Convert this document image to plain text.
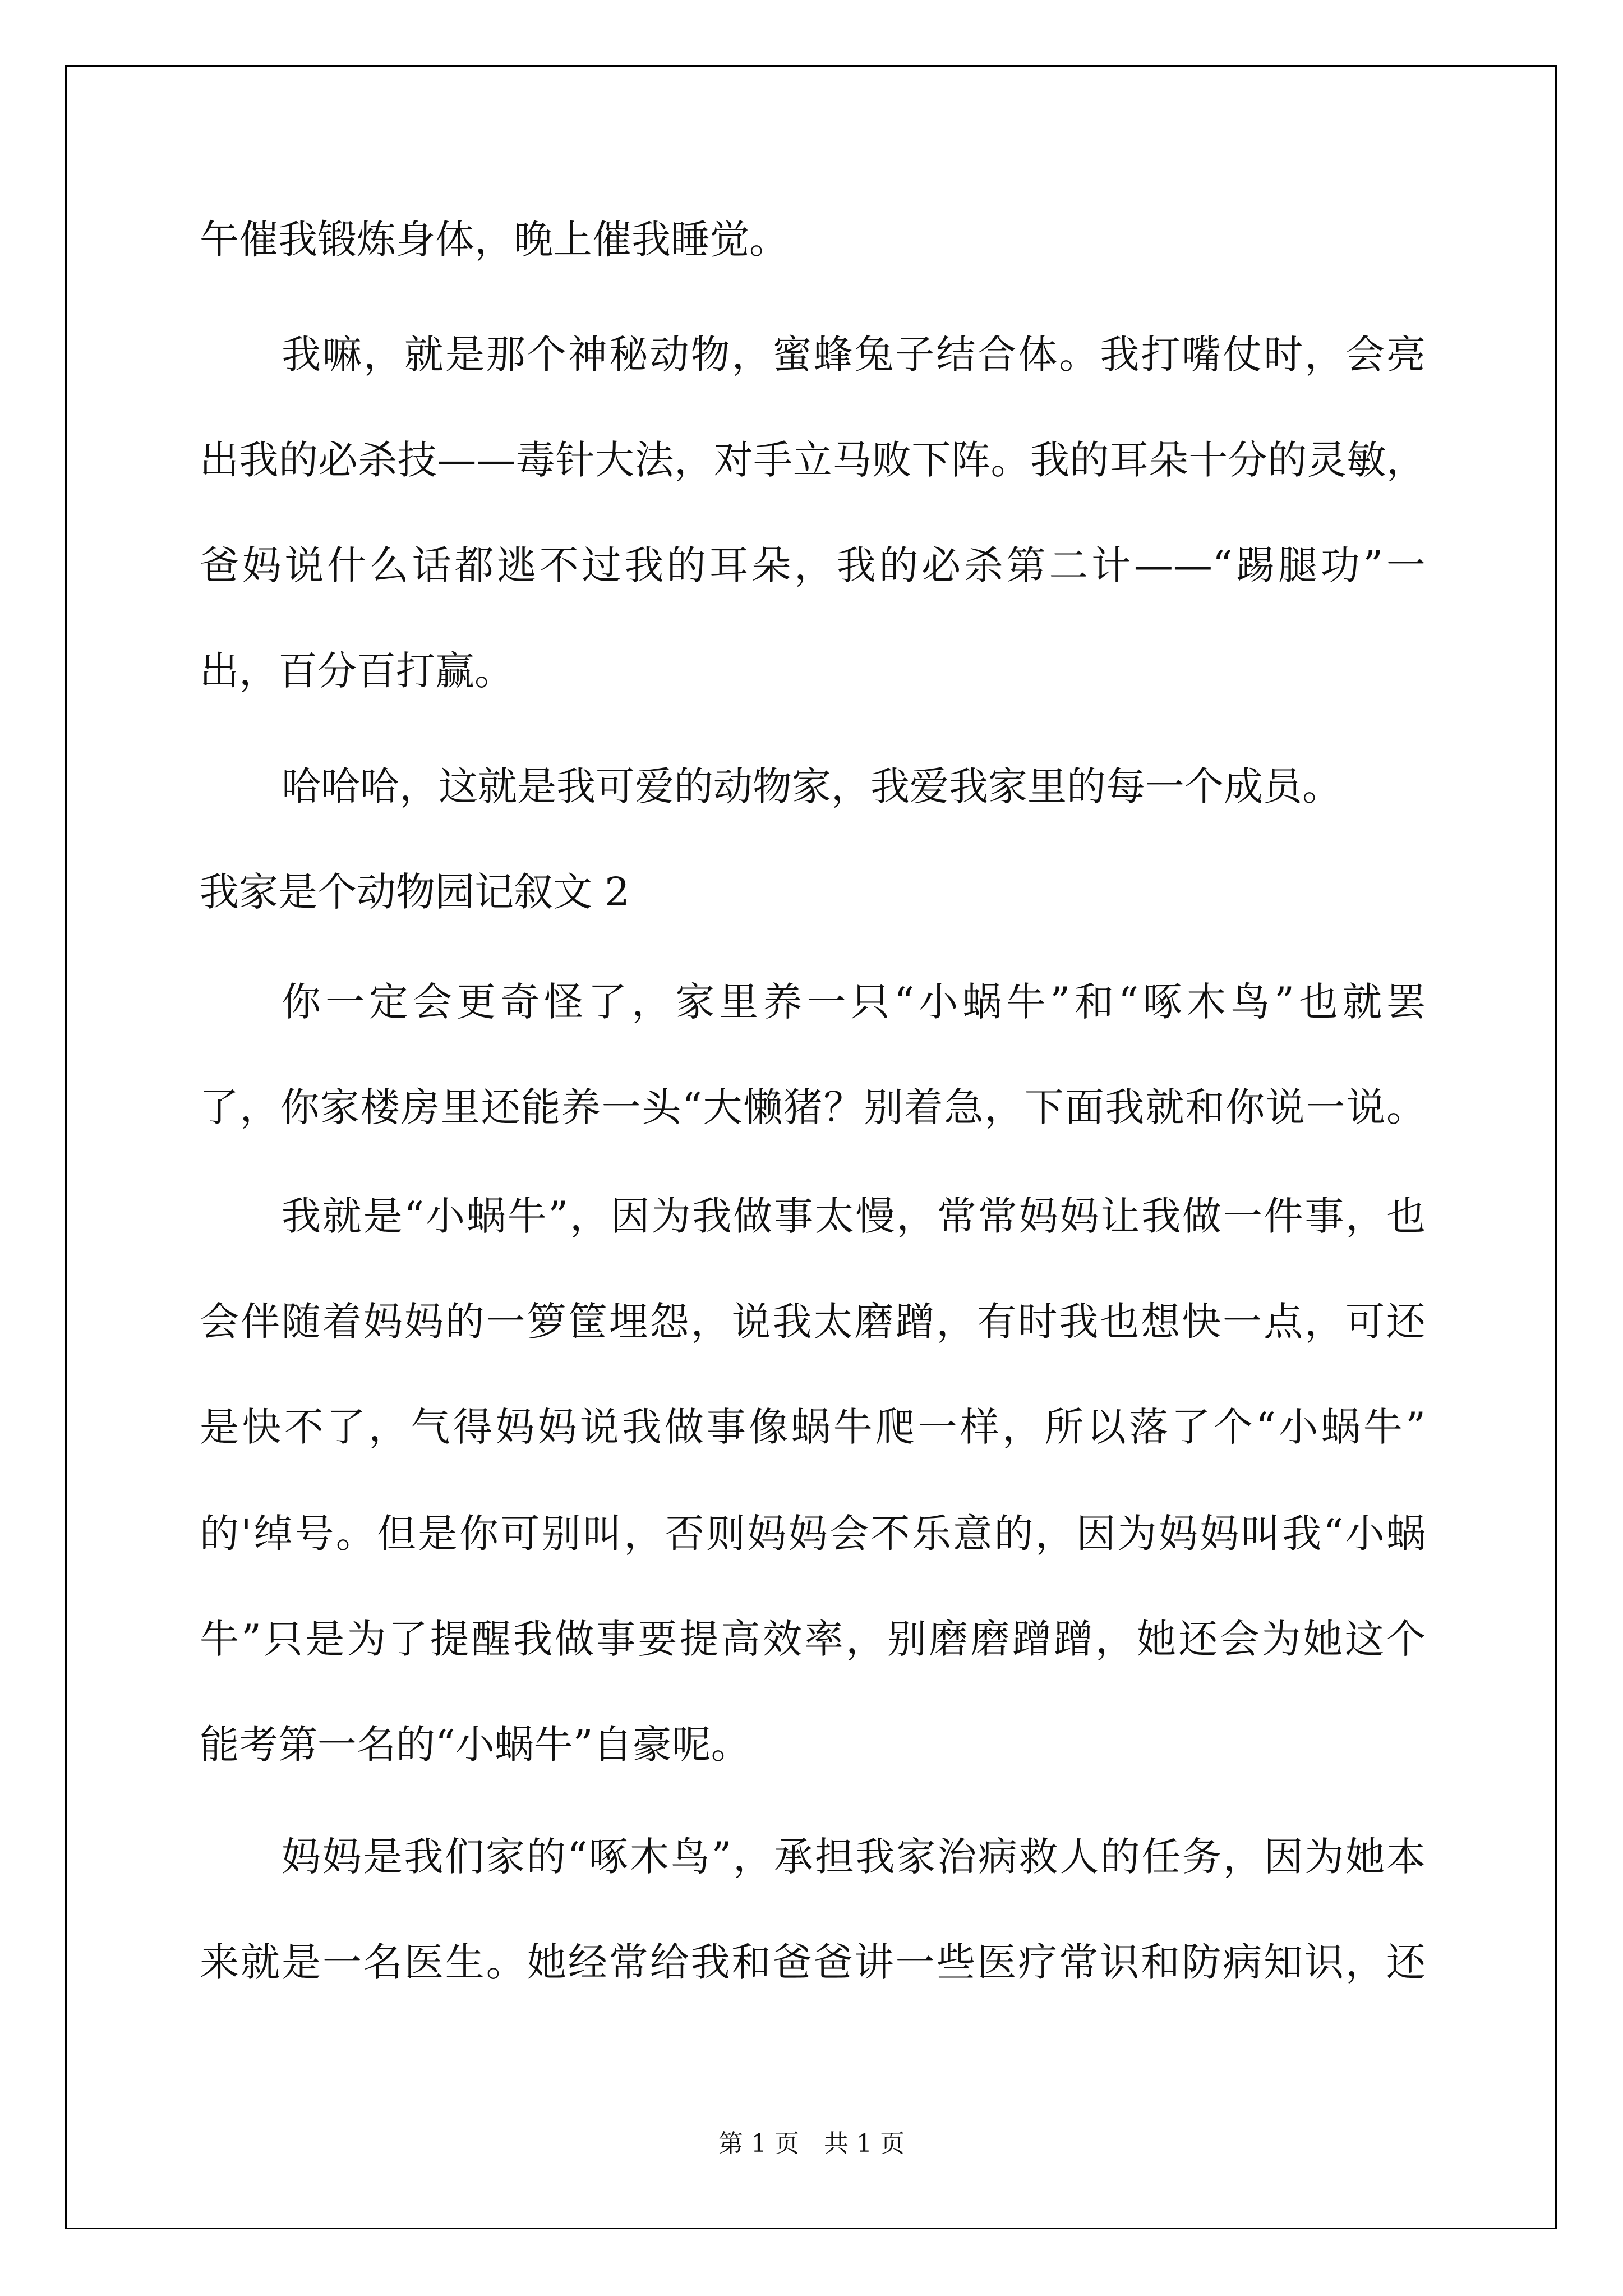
午催我锻炼身体，晚上催我睡觉。

我嘛，就是那个神秘动物，蜜蜂兔子结合体。我打嘴仗时，会亮

出我的必杀技——毒针大法，对手立马败下阵。我的耳朵十分的灵敏，

爸妈说什么话都逃不过我的耳朵，我的必杀第二计——“踢腿功”一

出，百分百打赢。

哈哈哈，这就是我可爱的动物家，我爱我家里的每一个成员。

我家是个动物园记叙文 2

你一定会更奇怪了，家里养一只“小蜗牛”和“啄木鸟”也就罢

了，你家楼房里还能养一头“大懒猪？别着急，下面我就和你说一说。

我就是“小蜗牛”，因为我做事太慢，常常妈妈让我做一件事，也

会伴随着妈妈的一箩筐埋怨，说我太磨蹭，有时我也想快一点，可还

是快不了，气得妈妈说我做事像蜗牛爬一样，所以落了个“小蜗牛”

的'绰号。但是你可别叫，否则妈妈会不乐意的，因为妈妈叫我“小蜗

牛”只是为了提醒我做事要提高效率，别磨磨蹭蹭，她还会为她这个

能考第一名的“小蜗牛”自豪呢。

妈妈是我们家的“啄木鸟”，承担我家治病救人的任务，因为她本

来就是一名医生。她经常给我和爸爸讲一些医疗常识和防病知识，还

第 1 页　共 1 页
